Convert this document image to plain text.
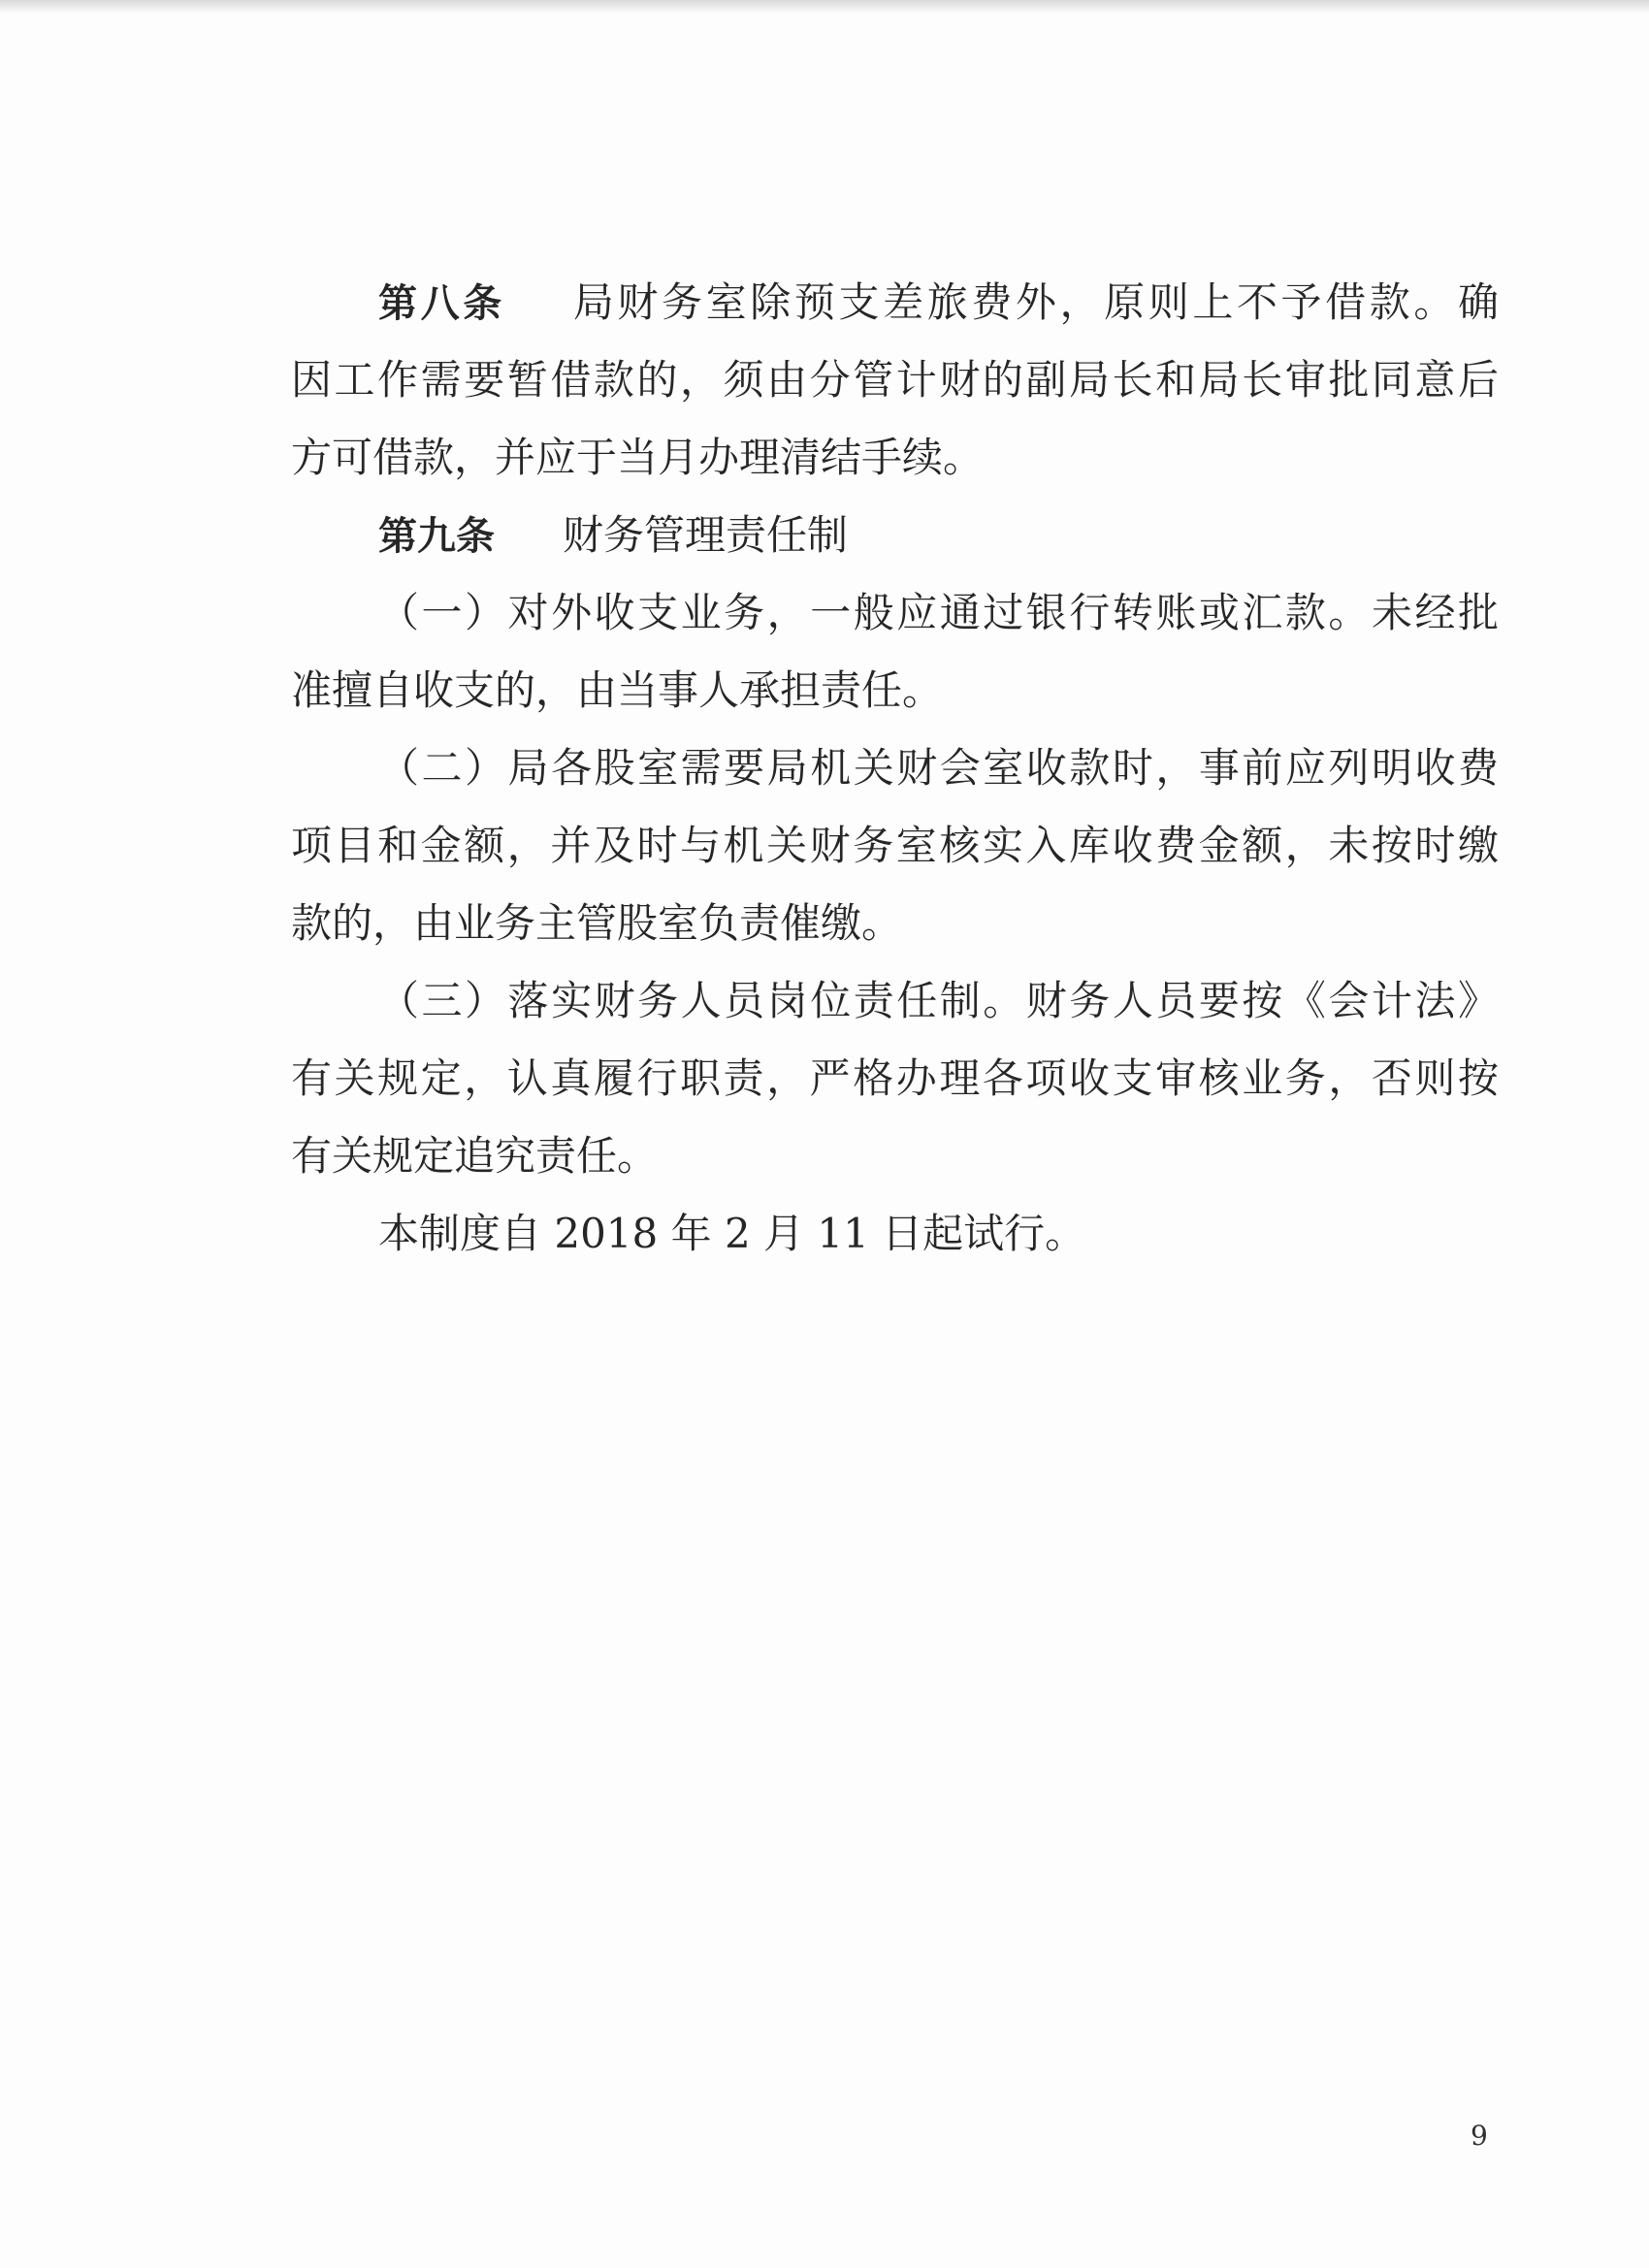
第八条 局财务室除预支差旅费外，原则上不予借款。确
因工作需要暂借款的，须由分管计财的副局长和局长审批同意后
方可借款，并应于当月办理清结手续。
第九条 财务管理责任制
（一）对外收支业务，一般应通过银行转账或汇款。未经批
准擅自收支的，由当事人承担责任。
（二）局各股室需要局机关财会室收款时，事前应列明收费
项目和金额，并及时与机关财务室核实入库收费金额，未按时缴
款的，由业务主管股室负责催缴。
（三）落实财务人员岗位责任制。财务人员要按《会计法》
有关规定，认真履行职责，严格办理各项收支审核业务，否则按
有关规定追究责任。
本制度自 2018 年 2 月 11 日起试行。
9
